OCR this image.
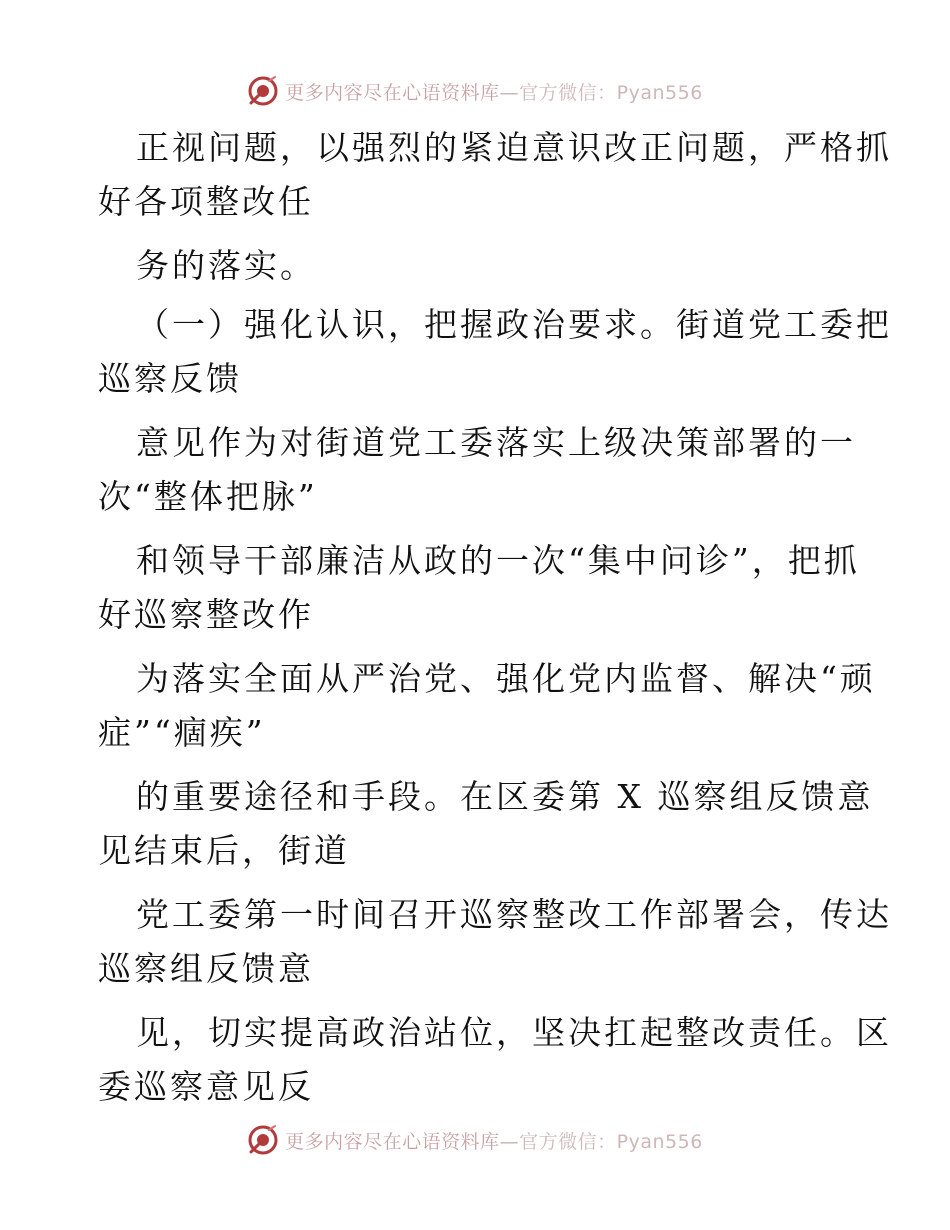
更多内容尽在心语资料库—官方微信：Pyan556
正视问题，以强烈的紧迫意识改正问题，严格抓
好各项整改任
务的落实。
（一）强化认识，把握政治要求。街道党工委把
巡察反馈
意见作为对街道党工委落实上级决策部署的一
次“整体把脉”
和领导干部廉洁从政的一次“集中问诊”，把抓
好巡察整改作
为落实全面从严治党、强化党内监督、解决“顽
症”“痼疾”
的重要途径和手段。在区委第 X 巡察组反馈意
见结束后，街道
党工委第一时间召开巡察整改工作部署会，传达
巡察组反馈意
见，切实提高政治站位，坚决扛起整改责任。区
委巡察意见反
更多内容尽在心语资料库—官方微信：Pyan556
